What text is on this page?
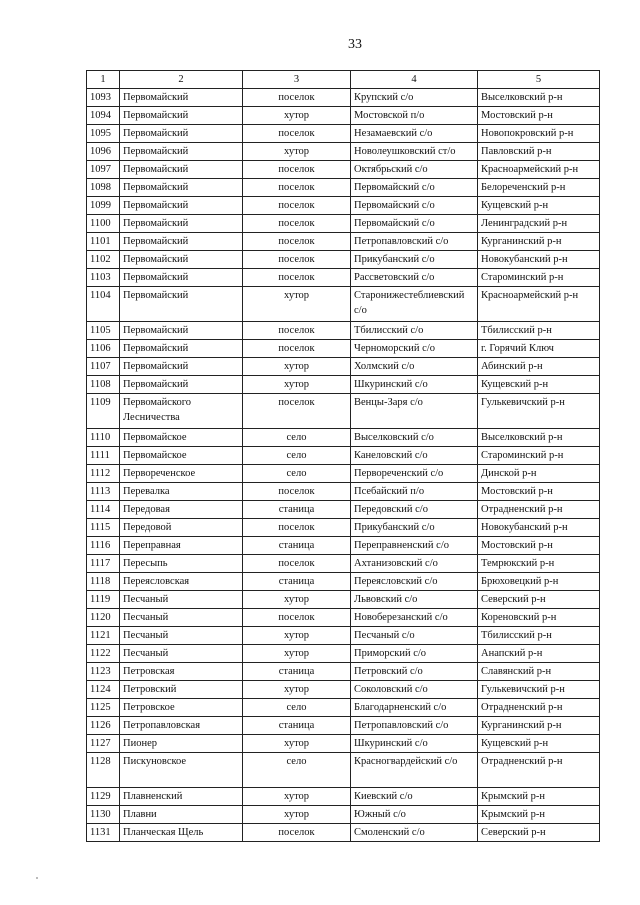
33
1	2	3	4	5
1093	Первомайский	поселок	Крупский с/о	Выселковский р-н
1094	Первомайский	хутор	Мостовской п/о	Мостовский р-н
1095	Первомайский	поселок	Незамаевский с/о	Новопокровский р-н
1096	Первомайский	хутор	Новолеушковский ст/о	Павловский р-н
1097	Первомайский	поселок	Октябрьский с/о	Красноармейский р-н
1098	Первомайский	поселок	Первомайский с/о	Белореченский р-н
1099	Первомайский	поселок	Первомайский с/о	Кущевский р-н
1100	Первомайский	поселок	Первомайский с/о	Ленинградский р-н
1101	Первомайский	поселок	Петропавловский с/о	Курганинский р-н
1102	Первомайский	поселок	Прикубанский с/о	Новокубанский р-н
1103	Первомайский	поселок	Рассветовский с/о	Староминский р-н
1104	Первомайский	хутор	Старонижестеблиевский с/о	Красноармейский р-н
1105	Первомайский	поселок	Тбилисский с/о	Тбилисский р-н
1106	Первомайский	поселок	Черноморский с/о	г. Горячий Ключ
1107	Первомайский	хутор	Холмский с/о	Абинский р-н
1108	Первомайский	хутор	Шкуринский с/о	Кущевский р-н
1109	Первомайского Лесничества	поселок	Венцы-Заря с/о	Гулькевичский р-н
1110	Первомайское	село	Выселковский с/о	Выселковский р-н
1111	Первомайское	село	Канеловский с/о	Староминский р-н
1112	Первореченское	село	Первореченский с/о	Динской р-н
1113	Перевалка	поселок	Псебайский п/о	Мостовский р-н
1114	Передовая	станица	Передовский с/о	Отрадненский р-н
1115	Передовой	поселок	Прикубанский с/о	Новокубанский р-н
1116	Переправная	станица	Переправненский с/о	Мостовский р-н
1117	Пересыпь	поселок	Ахтанизовский с/о	Темрюкский р-н
1118	Переясловская	станица	Переясловский с/о	Брюховецкий р-н
1119	Песчаный	хутор	Львовский с/о	Северский р-н
1120	Песчаный	поселок	Новоберезанский с/о	Кореновский р-н
1121	Песчаный	хутор	Песчаный с/о	Тбилисский р-н
1122	Песчаный	хутор	Приморский с/о	Анапский р-н
1123	Петровская	станица	Петровский с/о	Славянский р-н
1124	Петровский	хутор	Соколовский с/о	Гулькевичский р-н
1125	Петровское	село	Благодарненский с/о	Отрадненский р-н
1126	Петропавловская	станица	Петропавловский с/о	Курганинский р-н
1127	Пионер	хутор	Шкуринский с/о	Кущевский р-н
1128	Пискуновское	село	Красногвардейский с/о	Отрадненский р-н
1129	Плавненский	хутор	Киевский с/о	Крымский р-н
1130	Плавни	хутор	Южный с/о	Крымский р-н
1131	Планческая Щель	поселок	Смоленский с/о	Северский р-н
